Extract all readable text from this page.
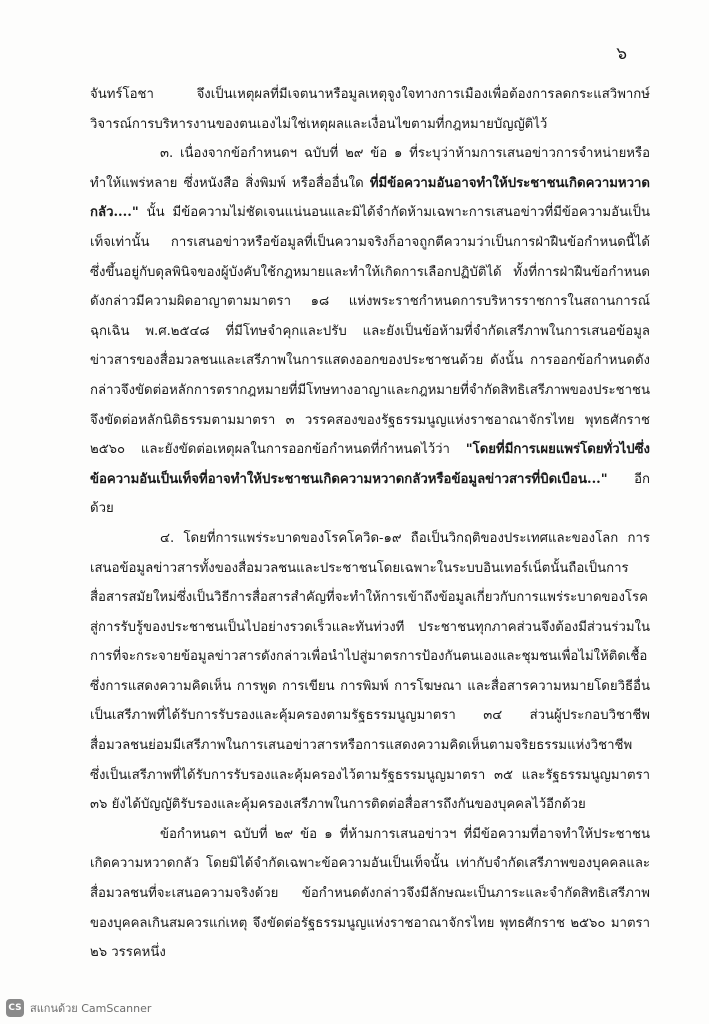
๖

จันทร์โอชา จึงเป็นเหตุผลที่มีเจตนาหรือมูลเหตุจูงใจทางการเมืองเพื่อต้องการลดกระแสวิพากษ์วิจารณ์การบริหารงานของตนเองไม่ใช่เหตุผลและเงื่อนไขตามที่กฎหมายบัญญัติไว้

๓. เนื่องจากข้อกำหนดฯ ฉบับที่ ๒๙ ข้อ ๑ ที่ระบุว่าห้ามการเสนอข่าวการจำหน่ายหรือทำให้แพร่หลาย ซึ่งหนังสือ สิ่งพิมพ์ หรือสื่ออื่นใด ที่มีข้อความอันอาจทำให้ประชาชนเกิดความหวาดกลัว...." นั้น มีข้อความไม่ชัดเจนแน่นอนและมิได้จำกัดห้ามเฉพาะการเสนอข่าวที่มีข้อความอันเป็นเท็จเท่านั้น การเสนอข่าวหรือข้อมูลที่เป็นความจริงก็อาจถูกตีความว่าเป็นการฝ่าฝืนข้อกำหนดนี้ได้ ซึ่งขึ้นอยู่กับดุลพินิจของผู้บังคับใช้กฎหมายและทำให้เกิดการเลือกปฏิบัติได้ ทั้งที่การฝ่าฝืนข้อกำหนดดังกล่าวมีความผิดอาญาตามมาตรา ๑๘ แห่งพระราชกำหนดการบริหารราชการในสถานการณ์ฉุกเฉิน พ.ศ.๒๕๔๘ ที่มีโทษจำคุกและปรับ และยังเป็นข้อห้ามที่จำกัดเสรีภาพในการเสนอข้อมูลข่าวสารของสื่อมวลชนและเสรีภาพในการแสดงออกของประชาชนด้วย ดังนั้น การออกข้อกำหนดดังกล่าวจึงขัดต่อหลักการตรากฎหมายที่มีโทษทางอาญาและกฎหมายที่จำกัดสิทธิเสรีภาพของประชาชน จึงขัดต่อหลักนิติธรรมตามมาตรา ๓ วรรคสองของรัฐธรรมนูญแห่งราชอาณาจักรไทย พุทธศักราช ๒๕๖๐ และยังขัดต่อเหตุผลในการออกข้อกำหนดที่กำหนดไว้ว่า "โดยที่มีการเผยแพร่โดยทั่วไปซึ่งข้อความอันเป็นเท็จที่อาจทำให้ประชาชนเกิดความหวาดกลัวหรือข้อมูลข่าวสารที่บิดเบือน..." อีกด้วย

๔. โดยที่การแพร่ระบาดของโรคโควิด-๑๙ ถือเป็นวิกฤติของประเทศและของโลก การเสนอข้อมูลข่าวสารทั้งของสื่อมวลชนและประชาชนโดยเฉพาะในระบบอินเทอร์เน็ตนั้นถือเป็นการสื่อสารสมัยใหม่ซึ่งเป็นวิธีการสื่อสารสำคัญที่จะทำให้การเข้าถึงข้อมูลเกี่ยวกับการแพร่ระบาดของโรคสู่การรับรู้ของประชาชนเป็นไปอย่างรวดเร็วและทันท่วงที ประชาชนทุกภาคส่วนจึงต้องมีส่วนร่วมในการที่จะกระจายข้อมูลข่าวสารดังกล่าวเพื่อนำไปสู่มาตรการป้องกันตนเองและชุมชนเพื่อไม่ให้ติดเชื้อ ซึ่งการแสดงความคิดเห็น การพูด การเขียน การพิมพ์ การโฆษณา และสื่อสารความหมายโดยวิธีอื่นเป็นเสรีภาพที่ได้รับการรับรองและคุ้มครองตามรัฐธรรมนูญมาตรา ๓๔ ส่วนผู้ประกอบวิชาชีพสื่อมวลชนย่อมมีเสรีภาพในการเสนอข่าวสารหรือการแสดงความคิดเห็นตามจริยธรรมแห่งวิชาชีพ ซึ่งเป็นเสรีภาพที่ได้รับการรับรองและคุ้มครองไว้ตามรัฐธรรมนูญมาตรา ๓๕ และรัฐธรรมนูญมาตรา ๓๖ ยังได้บัญญัติรับรองและคุ้มครองเสรีภาพในการติดต่อสื่อสารถึงกันของบุคคลไว้อีกด้วย

ข้อกำหนดฯ ฉบับที่ ๒๙ ข้อ ๑ ที่ห้ามการเสนอข่าวฯ ที่มีข้อความที่อาจทำให้ประชาชนเกิดความหวาดกลัว โดยมิได้จำกัดเฉพาะข้อความอันเป็นเท็จนั้น เท่ากับจำกัดเสรีภาพของบุคคลและสื่อมวลชนที่จะเสนอความจริงด้วย ข้อกำหนดดังกล่าวจึงมีลักษณะเป็นภาระและจำกัดสิทธิเสรีภาพของบุคคลเกินสมควรแก่เหตุ จึงขัดต่อรัฐธรรมนูญแห่งราชอาณาจักรไทย พุทธศักราช ๒๕๖๐ มาตรา ๒๖ วรรคหนึ่ง

CS สแกนด้วย CamScanner
